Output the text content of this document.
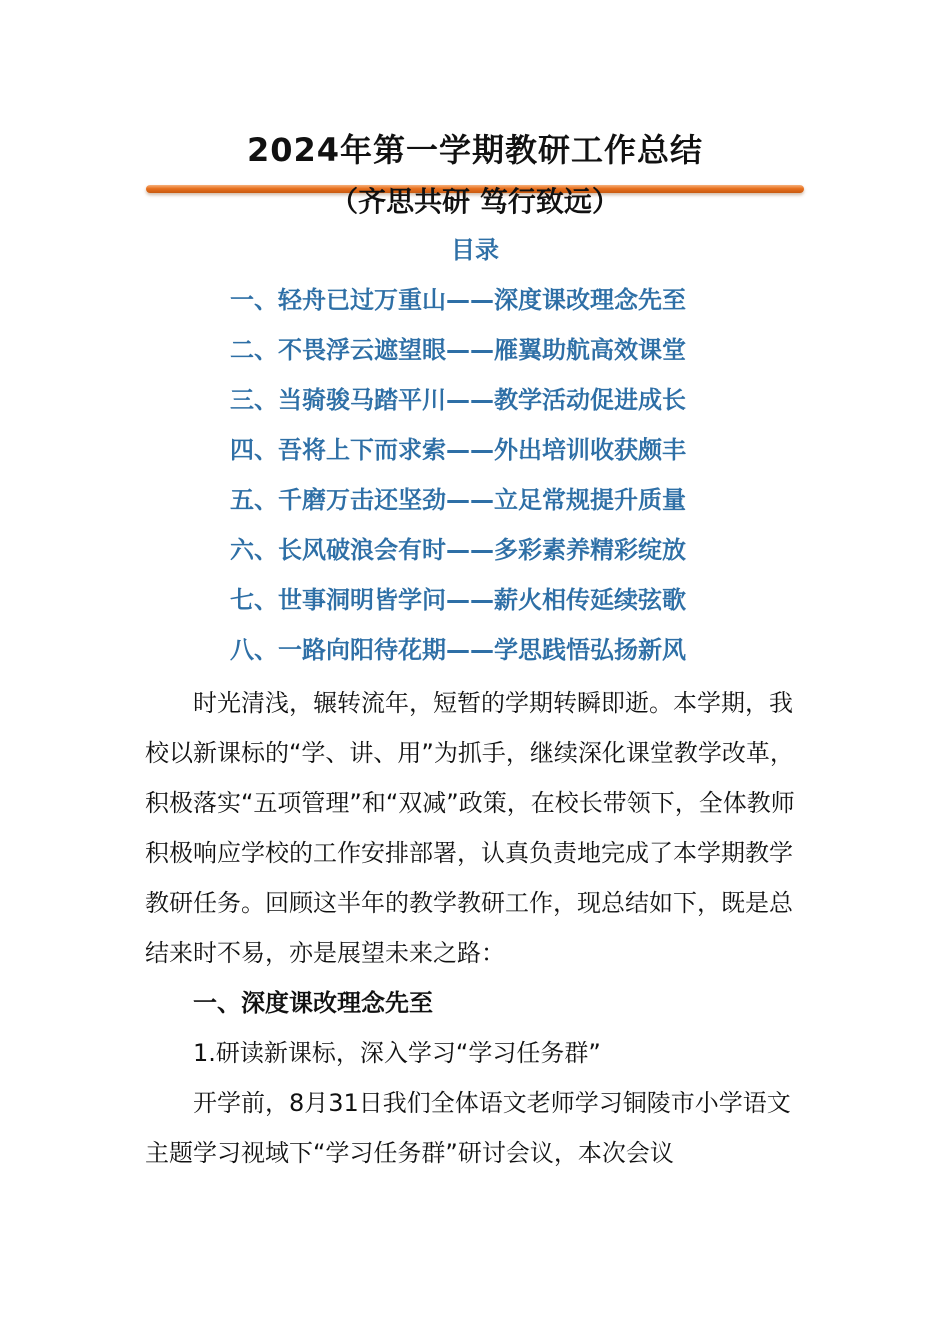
2024年第一学期教研工作总结
（齐思共研 笃行致远）
目录
一、轻舟已过万重山——深度课改理念先至
二、不畏浮云遮望眼——雁翼助航高效课堂
三、当骑骏马踏平川——教学活动促进成长
四、吾将上下而求索——外出培训收获颇丰
五、千磨万击还坚劲——立足常规提升质量
六、长风破浪会有时——多彩素养精彩绽放
七、世事洞明皆学问——薪火相传延续弦歌
八、一路向阳待花期——学思践悟弘扬新风

时光清浅，辗转流年，短暂的学期转瞬即逝。本学期，我校以新课标的“学、讲、用”为抓手，继续深化课堂教学改革，积极落实“五项管理”和“双减”政策，在校长带领下，全体教师积极响应学校的工作安排部署，认真负责地完成了本学期教学教研任务。回顾这半年的教学教研工作，现总结如下，既是总结来时不易，亦是展望未来之路：

一、深度课改理念先至

1.研读新课标，深入学习“学习任务群”

开学前，8月31日我们全体语文老师学习铜陵市小学语文主题学习视域下“学习任务群”研讨会议，本次会议
